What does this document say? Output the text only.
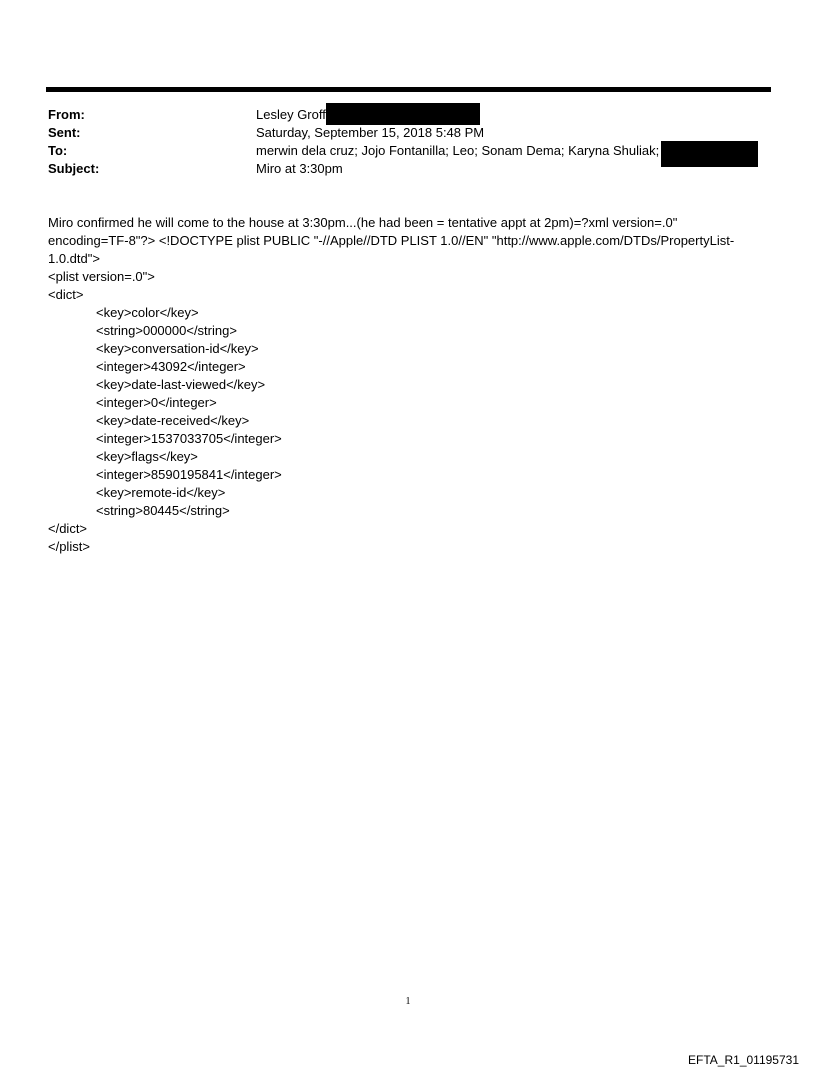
From:	Lesley Groff
Sent:	Saturday, September 15, 2018 5:48 PM
To:	merwin dela cruz; Jojo Fontanilla; Leo; Sonam Dema; Karyna Shuliak;
Subject:	Miro at 3:30pm
Miro confirmed he will come to the house at 3:30pm...(he had been = tentative appt at 2pm)=?xml version=.0"
encoding=TF-8"?> <!DOCTYPE plist PUBLIC "-//Apple//DTD PLIST 1.0//EN" "http://www.apple.com/DTDs/PropertyList-
1.0.dtd">
<plist version=.0">
<dict>
<key>color</key>
<string>000000</string>
<key>conversation-id</key>
<integer>43092</integer>
<key>date-last-viewed</key>
<integer>0</integer>
<key>date-received</key>
<integer>1537033705</integer>
<key>flags</key>
<integer>8590195841</integer>
<key>remote-id</key>
<string>80445</string>
</dict>
</plist>
1
EFTA_R1_01195731
